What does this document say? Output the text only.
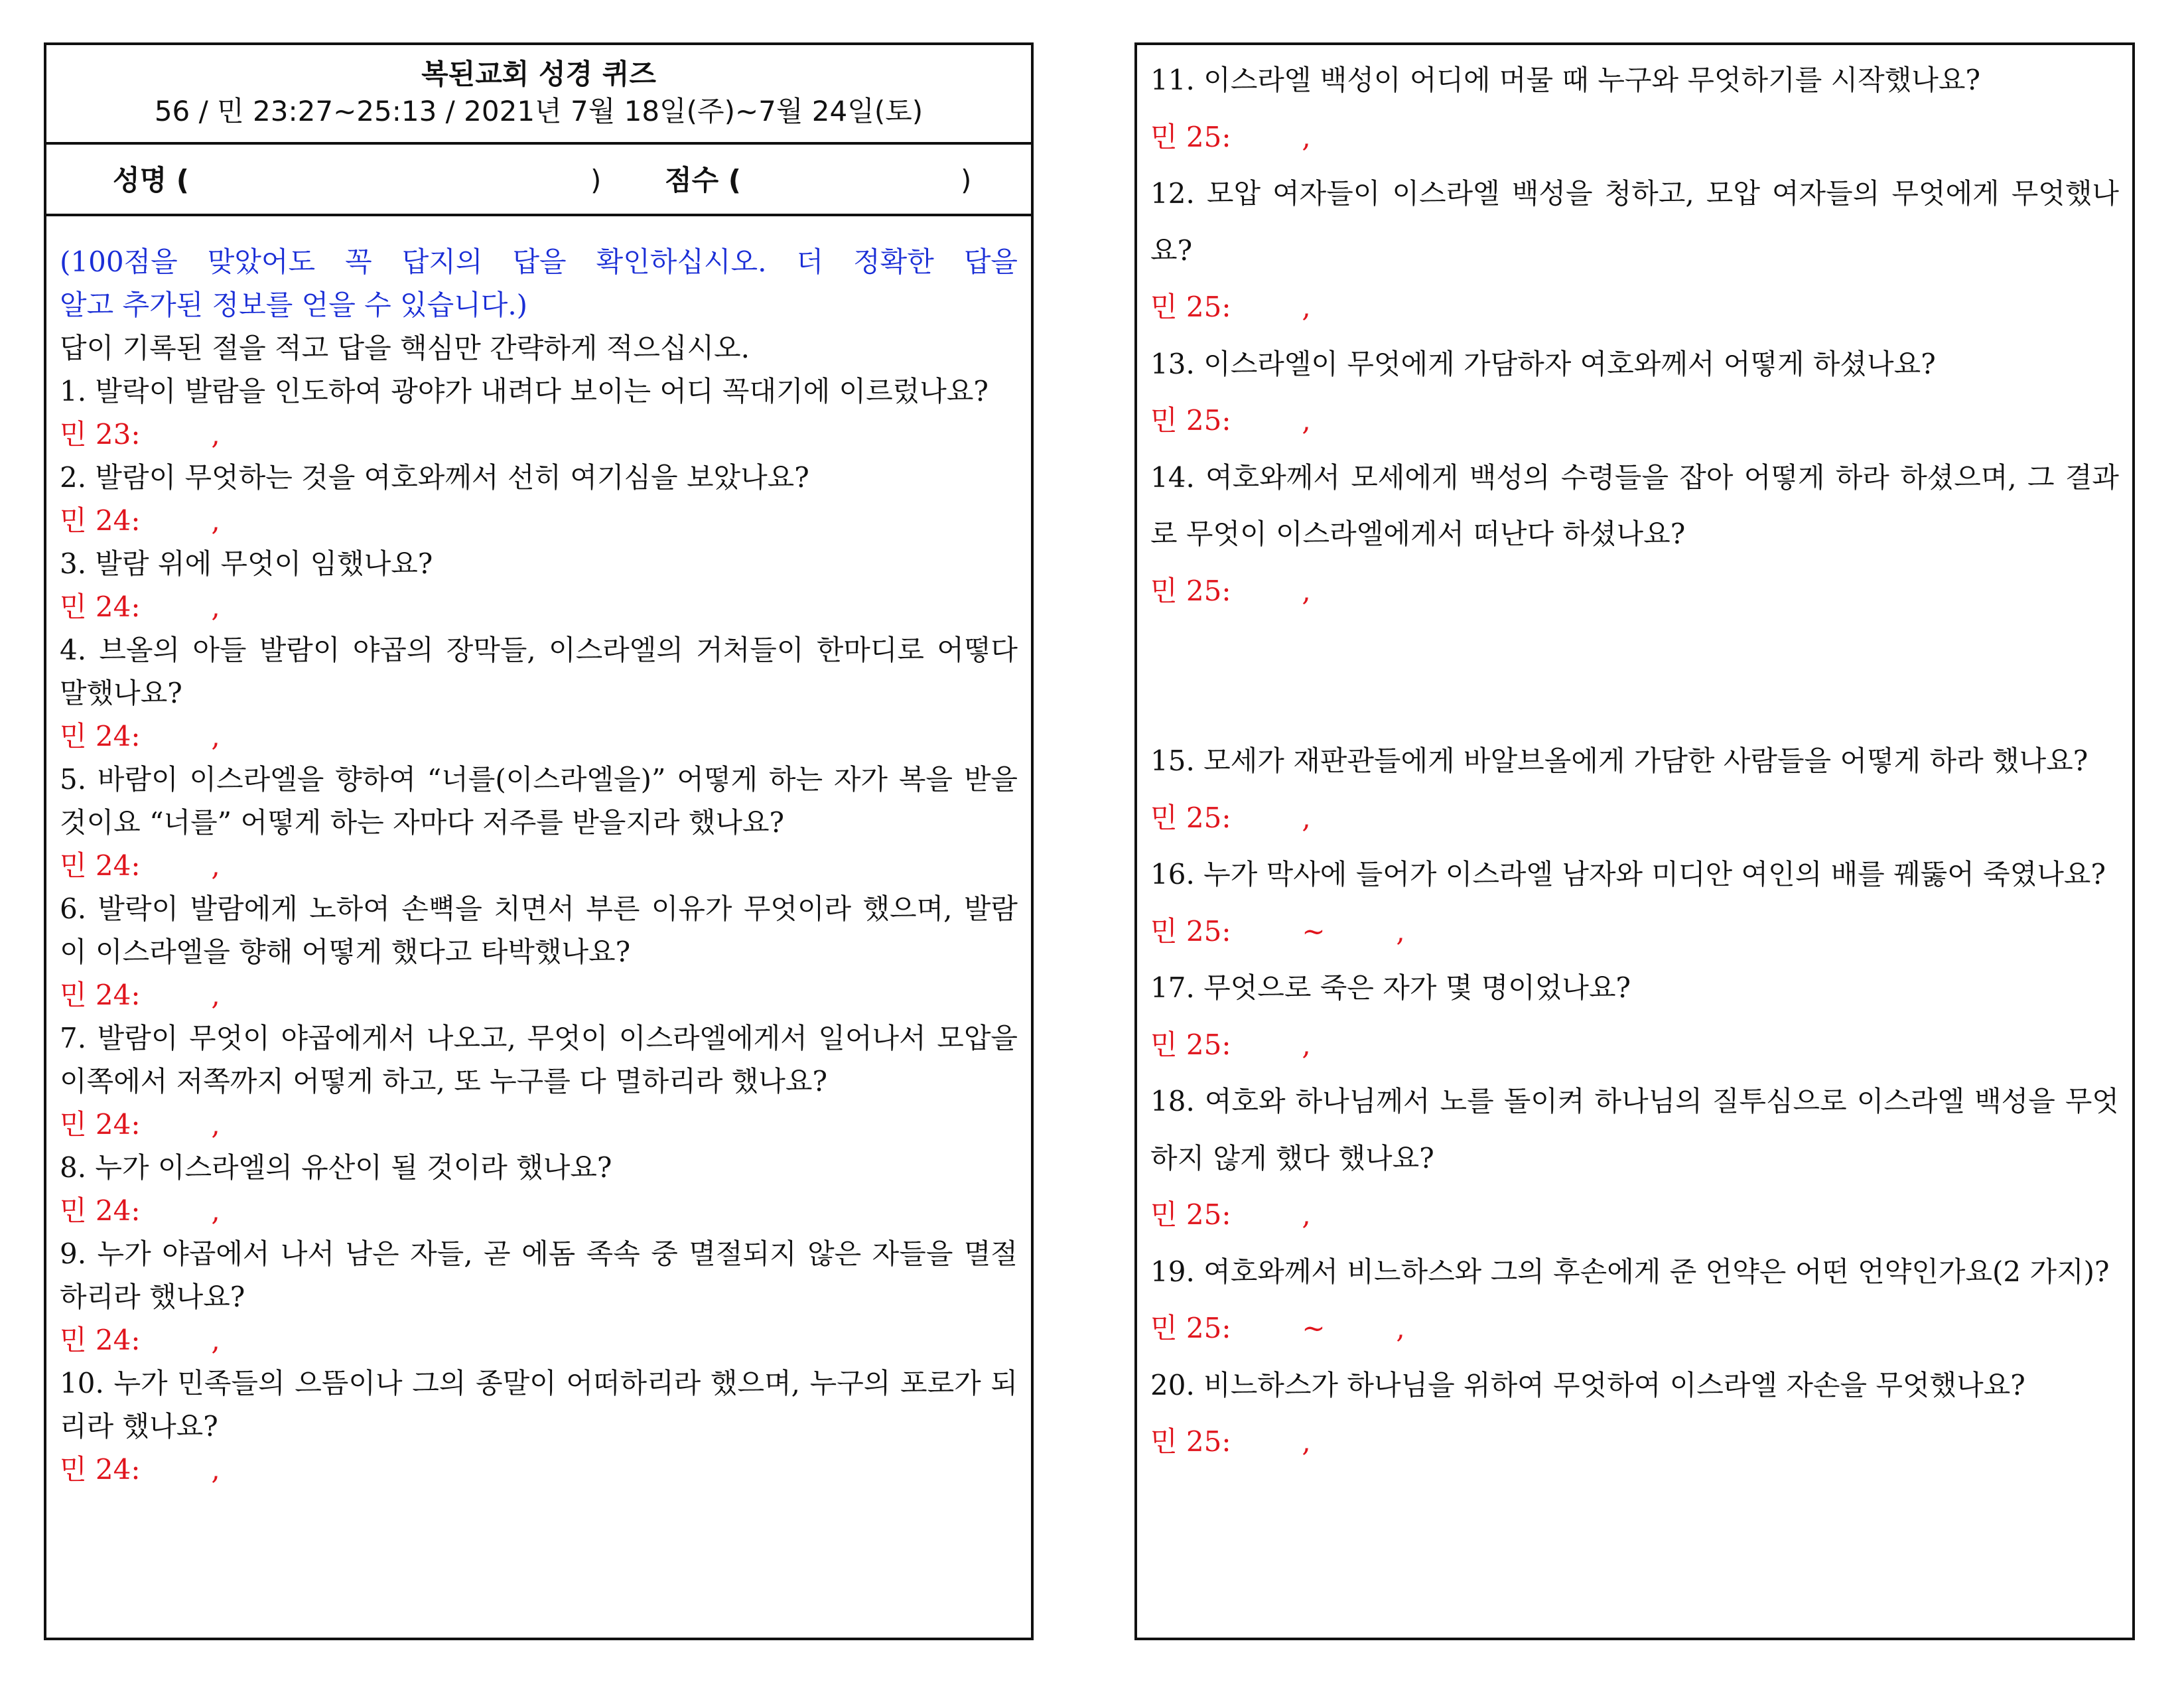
복된교회 성경 퀴즈
56 / 민 23:27~25:13 / 2021년 7월 18일(주)~7월 24일(토)
성명 (	) 점수 (	)
(100점을 맞았어도 꼭 답지의 답을 확인하십시오. 더 정확한 답을
알고 추가된 정보를 얻을 수 있습니다.)
답이 기록된 절을 적고 답을 핵심만 간략하게 적으십시오.
1. 발락이 발람을 인도하여 광야가 내려다 보이는 어디 꼭대기에 이르렀나요?
민 23:        ,
2. 발람이 무엇하는 것을 여호와께서 선히 여기심을 보았나요?
민 24:        ,
3. 발람 위에 무엇이 임했나요?
민 24:        ,
4. 브올의 아들 발람이 야곱의 장막들, 이스라엘의 거처들이 한마디로 어떻다 말했나요?
민 24:        ,
5. 바람이 이스라엘을 향하여 “너를(이스라엘을)” 어떻게 하는 자가 복을 받을 것이요 “너를” 어떻게 하는 자마다 저주를 받을지라 했나요?
민 24:        ,
6. 발락이 발람에게 노하여 손뼉을 치면서 부른 이유가 무엇이라 했으며, 발람이 이스라엘을 향해 어떻게 했다고 타박했나요?
민 24:        ,
7. 발람이 무엇이 야곱에게서 나오고, 무엇이 이스라엘에게서 일어나서 모압을 이쪽에서 저쪽까지 어떻게 하고, 또 누구를 다 멸하리라 했나요?
민 24:        ,
8. 누가 이스라엘의 유산이 될 것이라 했나요?
민 24:        ,
9. 누가 야곱에서 나서 남은 자들, 곧 에돔 족속 중 멸절되지 않은 자들을 멸절하리라 했나요?
민 24:        ,
10. 누가 민족들의 으뜸이나 그의 종말이 어떠하리라 했으며, 누구의 포로가 되리라 했나요?
민 24:        ,
11. 이스라엘 백성이 어디에 머물 때 누구와 무엇하기를 시작했나요?
민 25:        ,
12. 모압 여자들이 이스라엘 백성을 청하고, 모압 여자들의 무엇에게 무엇했나요?
민 25:        ,
13. 이스라엘이 무엇에게 가담하자 여호와께서 어떻게 하셨나요?
민 25:        ,
14. 여호와께서 모세에게 백성의 수령들을 잡아 어떻게 하라 하셨으며, 그 결과로 무엇이 이스라엘에게서 떠난다 하셨나요?
민 25:        ,
15. 모세가 재판관들에게 바알브올에게 가담한 사람들을 어떻게 하라 했나요?
민 25:        ,
16. 누가 막사에 들어가 이스라엘 남자와 미디안 여인의 배를 꿰뚫어 죽였나요?
민 25:        ~        ,
17. 무엇으로 죽은 자가 몇 명이었나요?
민 25:        ,
18. 여호와 하나님께서 노를 돌이켜 하나님의 질투심으로 이스라엘 백성을 무엇하지 않게 했다 했나요?
민 25:        ,
19. 여호와께서 비느하스와 그의 후손에게 준 언약은 어떤 언약인가요(2 가지)?
민 25:        ~        ,
20. 비느하스가 하나님을 위하여 무엇하여 이스라엘 자손을 무엇했나요?
민 25:        ,
